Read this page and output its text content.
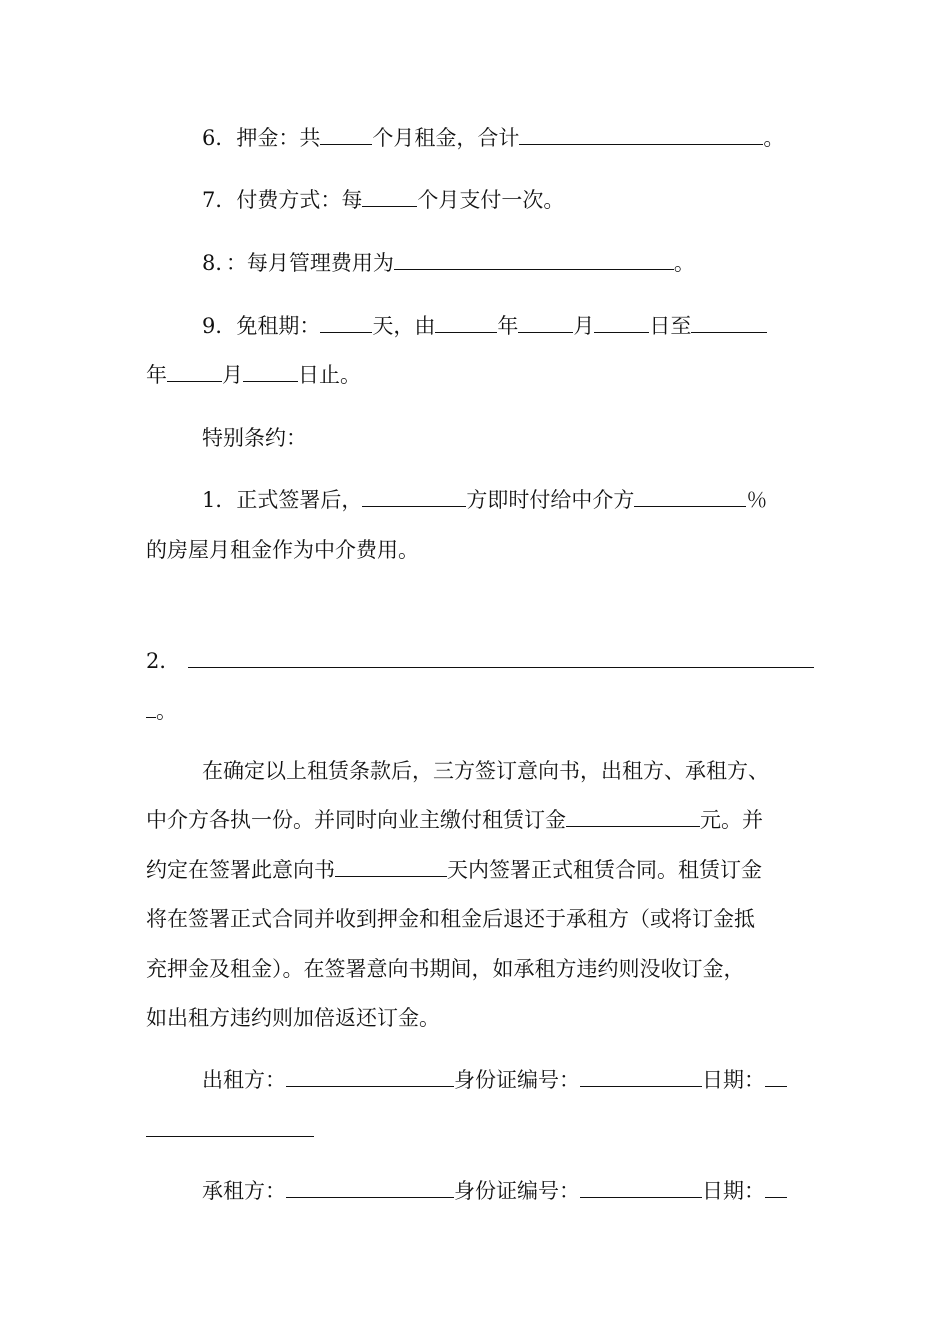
6．押金：共 个月租金，合计	。
7．付费方式：每	个月支付一次。
8．：每月管理费用为	。
9．免租期： 天，由	年	月	日至
年	月	日止。
特别条约：
1．正式签署后，	方即时付给中介方	％
的房屋月租金作为中介费用。
2．
。
在确定以上租赁条款后，三方签订意向书，出租方、承租方、
中介方各执一份。并同时向业主缴付租赁订金	元。并
约定在签署此意向书	天内签署正式租赁合同。租赁订金
将在签署正式合同并收到押金和租金后退还于承租方（或将订金抵
充押金及租金）。在签署意向书期间，如承租方违约则没收订金，
如出租方违约则加倍返还订金。
出租方：	身份证编号：	日期：
承租方：	身份证编号：	日期：
